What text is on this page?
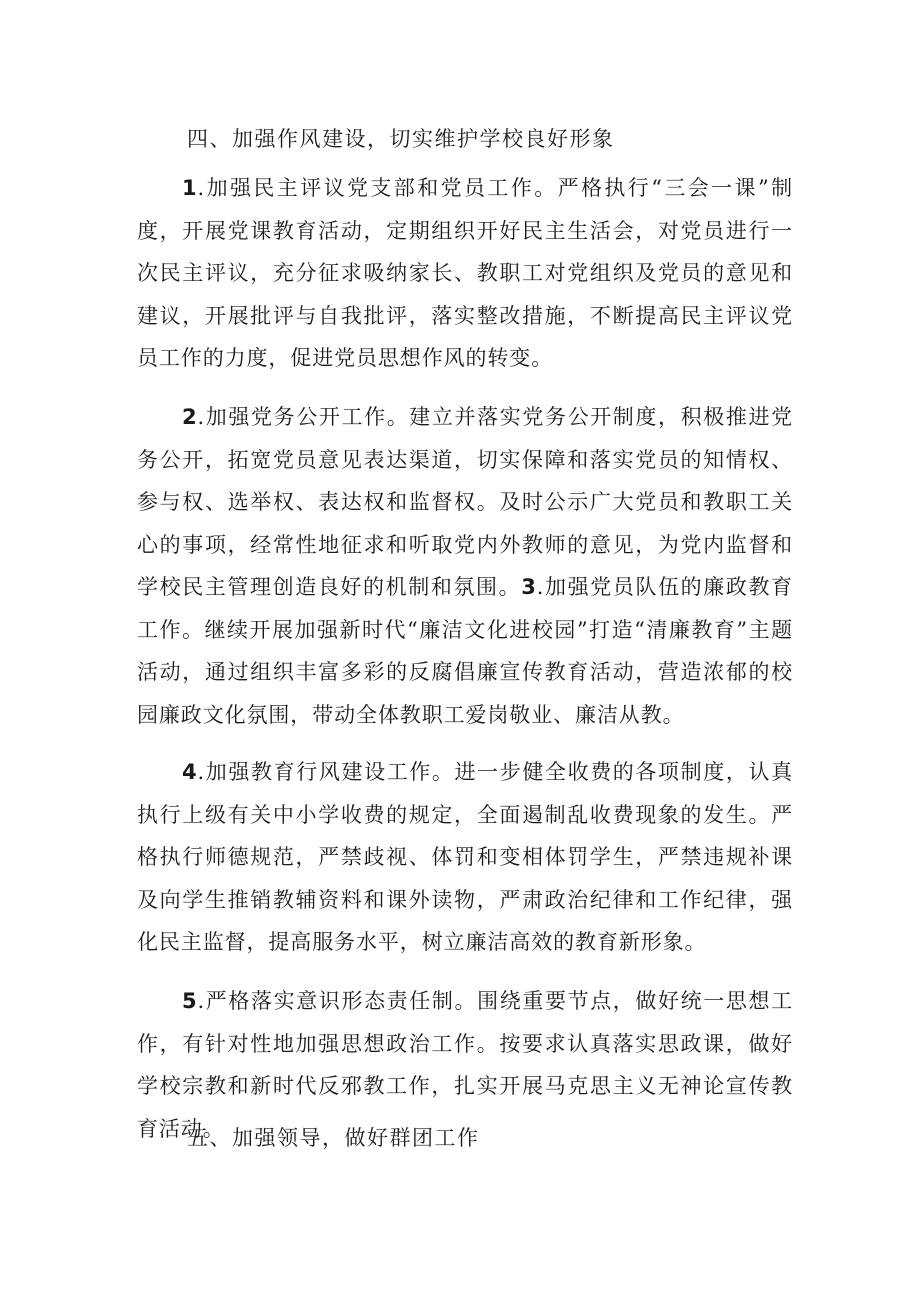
四、加强作风建设，切实维护学校良好形象

1.加强民主评议党支部和党员工作。严格执行“三会一课”制度，开展党课教育活动，定期组织开好民主生活会，对党员进行一次民主评议，充分征求吸纳家长、教职工对党组织及党员的意见和建议，开展批评与自我批评，落实整改措施，不断提高民主评议党员工作的力度，促进党员思想作风的转变。

2.加强党务公开工作。建立并落实党务公开制度，积极推进党务公开，拓宽党员意见表达渠道，切实保障和落实党员的知情权、参与权、选举权、表达权和监督权。及时公示广大党员和教职工关心的事项，经常性地征求和听取党内外教师的意见，为党内监督和学校民主管理创造良好的机制和氛围。3.加强党员队伍的廉政教育工作。继续开展加强新时代“廉洁文化进校园”打造“清廉教育”主题活动，通过组织丰富多彩的反腐倡廉宣传教育活动，营造浓郁的校园廉政文化氛围，带动全体教职工爱岗敬业、廉洁从教。

4.加强教育行风建设工作。进一步健全收费的各项制度，认真执行上级有关中小学收费的规定，全面遏制乱收费现象的发生。严格执行师德规范，严禁歧视、体罚和变相体罚学生，严禁违规补课及向学生推销教辅资料和课外读物，严肃政治纪律和工作纪律，强化民主监督，提高服务水平，树立廉洁高效的教育新形象。

5.严格落实意识形态责任制。围绕重要节点，做好统一思想工作，有针对性地加强思想政治工作。按要求认真落实思政课，做好学校宗教和新时代反邪教工作，扎实开展马克思主义无神论宣传教育活动。

五、加强领导，做好群团工作
